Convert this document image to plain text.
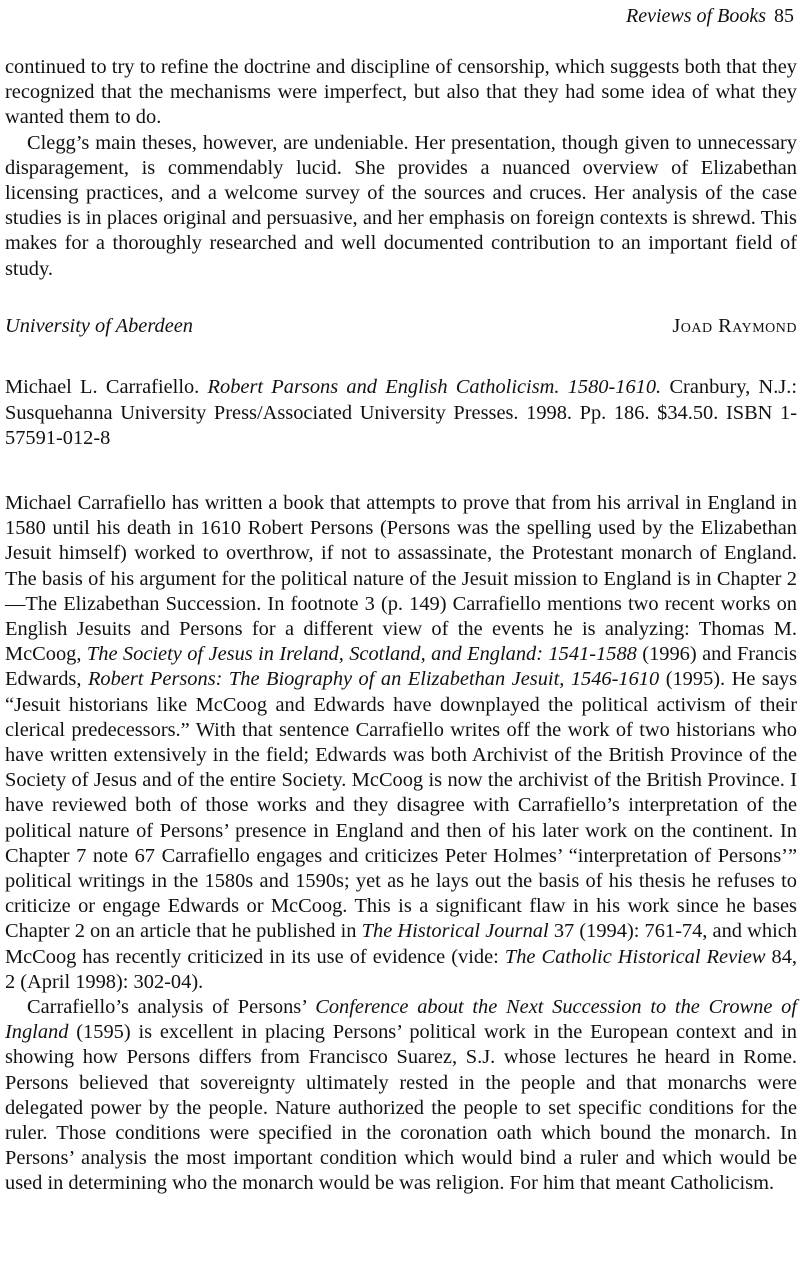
Reviews of Books 85

continued to try to refine the doctrine and discipline of censorship, which suggests both that they recognized that the mechanisms were imperfect, but also that they had some idea of what they wanted them to do.

Clegg’s main theses, however, are undeniable. Her presentation, though given to unnecessary disparagement, is commendably lucid. She provides a nuanced overview of Elizabethan licensing practices, and a welcome survey of the sources and cruces. Her analysis of the case studies is in places original and persuasive, and her emphasis on foreign contexts is shrewd. This makes for a thoroughly researched and well documented contribution to an important field of study.

University of Aberdeen	Joad Raymond

Michael L. Carrafiello. Robert Parsons and English Catholicism. 1580-1610. Cranbury, N.J.: Susquehanna University Press/Associated University Presses. 1998. Pp. 186. $34.50. ISBN 1-57591-012-8

Michael Carrafiello has written a book that attempts to prove that from his arrival in England in 1580 until his death in 1610 Robert Persons (Persons was the spelling used by the Elizabethan Jesuit himself) worked to overthrow, if not to assassinate, the Protestant monarch of England. The basis of his argument for the political nature of the Jesuit mission to England is in Chapter 2—The Elizabethan Succession. In footnote 3 (p. 149) Carrafiello mentions two recent works on English Jesuits and Persons for a different view of the events he is analyzing: Thomas M. McCoog, The Society of Jesus in Ireland, Scotland, and England: 1541-1588 (1996) and Francis Edwards, Robert Persons: The Biography of an Elizabethan Jesuit, 1546-1610 (1995). He says “Jesuit historians like McCoog and Edwards have downplayed the political activism of their clerical predecessors.” With that sentence Carrafiello writes off the work of two historians who have written extensively in the field; Edwards was both Archivist of the British Province of the Society of Jesus and of the entire Society. McCoog is now the archivist of the British Province. I have reviewed both of those works and they disagree with Carrafiello’s interpretation of the political nature of Persons’ presence in England and then of his later work on the continent. In Chapter 7 note 67 Carrafiello engages and criticizes Peter Holmes’ “interpretation of Persons’” political writings in the 1580s and 1590s; yet as he lays out the basis of his thesis he refuses to criticize or engage Edwards or McCoog. This is a significant flaw in his work since he bases Chapter 2 on an article that he published in The Historical Journal 37 (1994): 761-74, and which McCoog has recently criticized in its use of evidence (vide: The Catholic Historical Review 84, 2 (April 1998): 302-04).

Carrafiello’s analysis of Persons’ Conference about the Next Succession to the Crowne of Ingland (1595) is excellent in placing Persons’ political work in the European context and in showing how Persons differs from Francisco Suarez, S.J. whose lectures he heard in Rome. Persons believed that sovereignty ultimately rested in the people and that monarchs were delegated power by the people. Nature authorized the people to set specific conditions for the ruler. Those conditions were specified in the coronation oath which bound the monarch. In Persons’ analysis the most important condition which would bind a ruler and which would be used in determining who the monarch would be was religion. For him that meant Catholicism.
